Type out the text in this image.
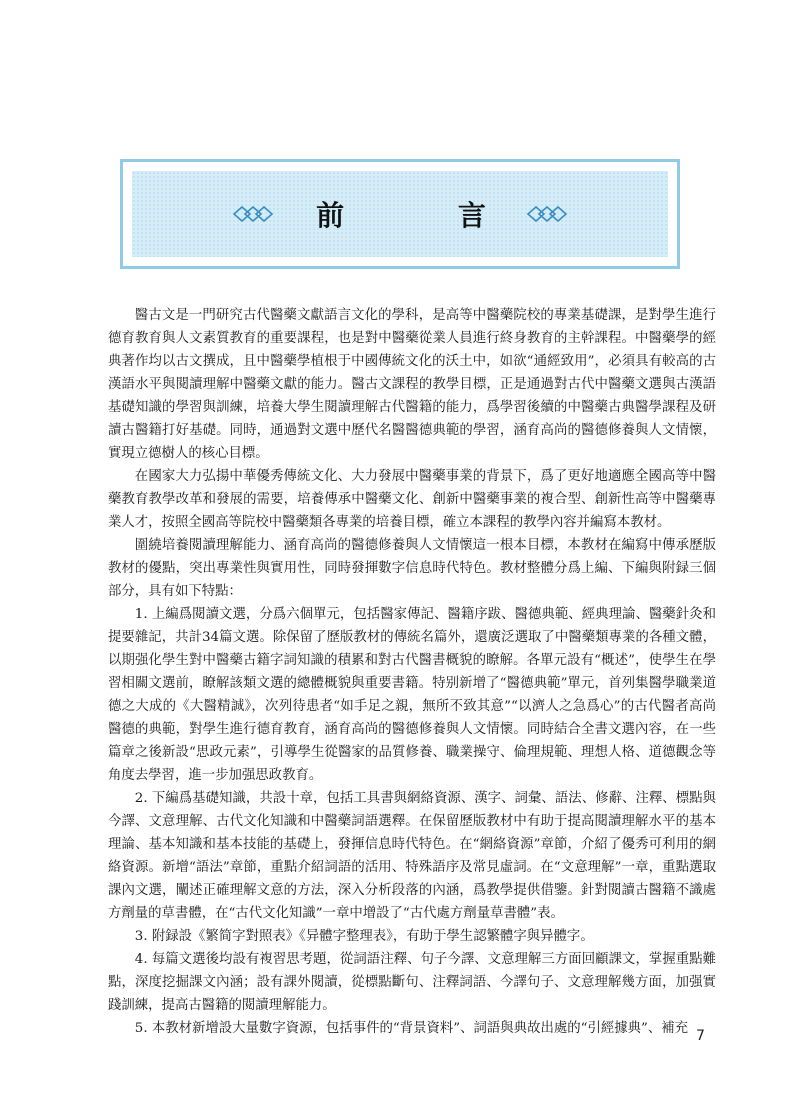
前 言

醫古文是一門研究古代醫藥文獻語言文化的學科，是高等中醫藥院校的專業基礎課，是對學生進行德育教育與人文素質教育的重要課程，也是對中醫藥從業人員進行終身教育的主幹課程。中醫藥學的經典著作均以古文撰成，且中醫藥學植根于中國傳統文化的沃土中，如欲“通經致用”，必須具有較高的古漢語水平與閱讀理解中醫藥文獻的能力。醫古文課程的教學目標，正是通過對古代中醫藥文選與古漢語基礎知識的學習與訓練，培養大學生閱讀理解古代醫籍的能力，爲學習後續的中醫藥古典醫學課程及研讀古醫籍打好基礎。同時，通過對文選中歷代名醫醫德典範的學習，涵育高尚的醫德修養與人文情懷，實現立德樹人的核心目標。

在國家大力弘揚中華優秀傳統文化、大力發展中醫藥事業的背景下，爲了更好地適應全國高等中醫藥教育教學改革和發展的需要，培養傳承中醫藥文化、創新中醫藥事業的複合型、創新性高等中醫藥專業人才，按照全國高等院校中醫藥類各專業的培養目標，確立本課程的教學內容并編寫本教材。

圍繞培養閱讀理解能力、涵育高尚的醫德修養與人文情懷這一根本目標，本教材在編寫中傳承歷版教材的優點，突出專業性與實用性，同時發揮數字信息時代特色。教材整體分爲上編、下編與附録三個部分，具有如下特點：

1. 上編爲閱讀文選，分爲六個單元，包括醫家傳記、醫籍序跋、醫德典範、經典理論、醫藥針灸和提要雜記，共計34篇文選。除保留了歷版教材的傳統名篇外，還廣泛選取了中醫藥類專業的各種文體，以期强化學生對中醫藥古籍字詞知識的積累和對古代醫書概貌的瞭解。各單元設有“概述”，使學生在學習相關文選前，瞭解該類文選的總體概貌與重要書籍。特别新增了“醫德典範”單元，首列集醫學職業道德之大成的《大醫精誠》，次列待患者“如手足之親，無所不致其意”“以濟人之急爲心”的古代醫者高尚醫德的典範，對學生進行德育教育，涵育高尚的醫德修養與人文情懷。同時結合全書文選內容，在一些篇章之後新設“思政元素”，引導學生從醫家的品質修養、職業操守、倫理規範、理想人格、道德觀念等角度去學習，進一步加强思政教育。

2. 下編爲基礎知識，共設十章，包括工具書與網絡資源、漢字、詞彙、語法、修辭、注釋、標點與今譯、文意理解、古代文化知識和中醫藥詞語選釋。在保留歷版教材中有助于提高閱讀理解水平的基本理論、基本知識和基本技能的基礎上，發揮信息時代特色。在“網絡資源”章節，介紹了優秀可利用的網絡資源。新增“語法”章節，重點介紹詞語的活用、特殊語序及常見虛詞。在“文意理解”一章，重點選取課內文選，闡述正確理解文意的方法，深入分析段落的內涵，爲教學提供借鑒。針對閱讀古醫籍不識處方劑量的草書體，在“古代文化知識”一章中增設了“古代處方劑量草書體”表。

3. 附録設《繁简字對照表》《异體字整理表》，有助于學生認繁體字與异體字。

4. 每篇文選後均設有複習思考題，從詞語注釋、句子今譯、文意理解三方面回顧課文，掌握重點難點，深度挖掘課文內涵；設有課外閱讀，從標點斷句、注釋詞語、今譯句子、文意理解幾方面，加强實踐訓練，提高古醫籍的閱讀理解能力。

5. 本教材新增設大量數字資源，包括事件的“背景資料”、詞語與典故出處的“引經據典”、補充 7
